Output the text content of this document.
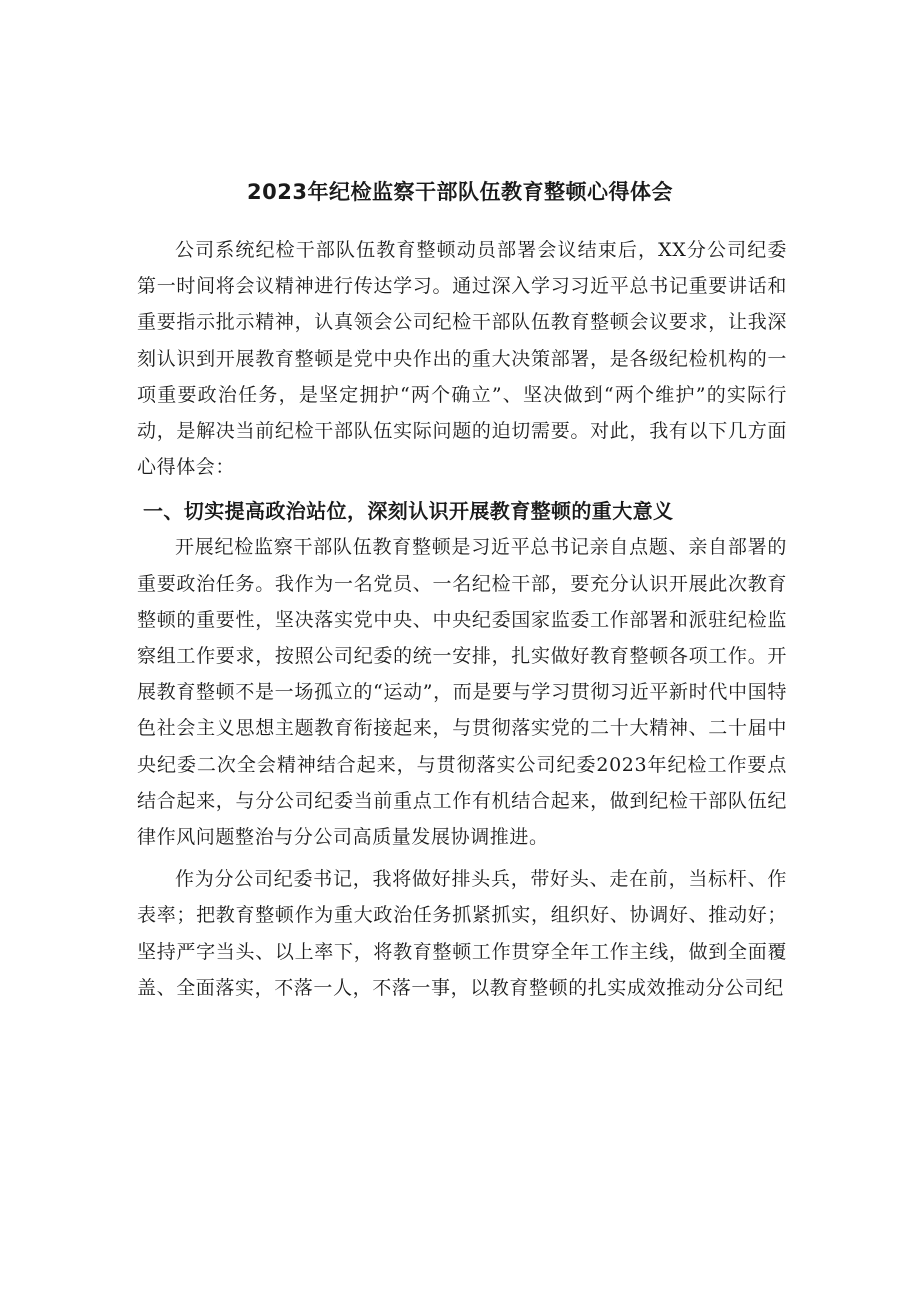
2023年纪检监察干部队伍教育整顿心得体会

公司系统纪检干部队伍教育整顿动员部署会议结束后，XX分公司纪委第一时间将会议精神进行传达学习。通过深入学习习近平总书记重要讲话和重要指示批示精神，认真领会公司纪检干部队伍教育整顿会议要求，让我深刻认识到开展教育整顿是党中央作出的重大决策部署，是各级纪检机构的一项重要政治任务，是坚定拥护“两个确立”、坚决做到“两个维护”的实际行动，是解决当前纪检干部队伍实际问题的迫切需要。对此，我有以下几方面心得体会：

一、切实提高政治站位，深刻认识开展教育整顿的重大意义

开展纪检监察干部队伍教育整顿是习近平总书记亲自点题、亲自部署的重要政治任务。我作为一名党员、一名纪检干部，要充分认识开展此次教育整顿的重要性，坚决落实党中央、中央纪委国家监委工作部署和派驻纪检监察组工作要求，按照公司纪委的统一安排，扎实做好教育整顿各项工作。开展教育整顿不是一场孤立的“运动”，而是要与学习贯彻习近平新时代中国特色社会主义思想主题教育衔接起来，与贯彻落实党的二十大精神、二十届中央纪委二次全会精神结合起来，与贯彻落实公司纪委2023年纪检工作要点结合起来，与分公司纪委当前重点工作有机结合起来，做到纪检干部队伍纪律作风问题整治与分公司高质量发展协调推进。

作为分公司纪委书记，我将做好排头兵，带好头、走在前，当标杆、作表率；把教育整顿作为重大政治任务抓紧抓实，组织好、协调好、推动好；坚持严字当头、以上率下，将教育整顿工作贯穿全年工作主线，做到全面覆盖、全面落实，不落一人，不落一事，以教育整顿的扎实成效推动分公司纪
